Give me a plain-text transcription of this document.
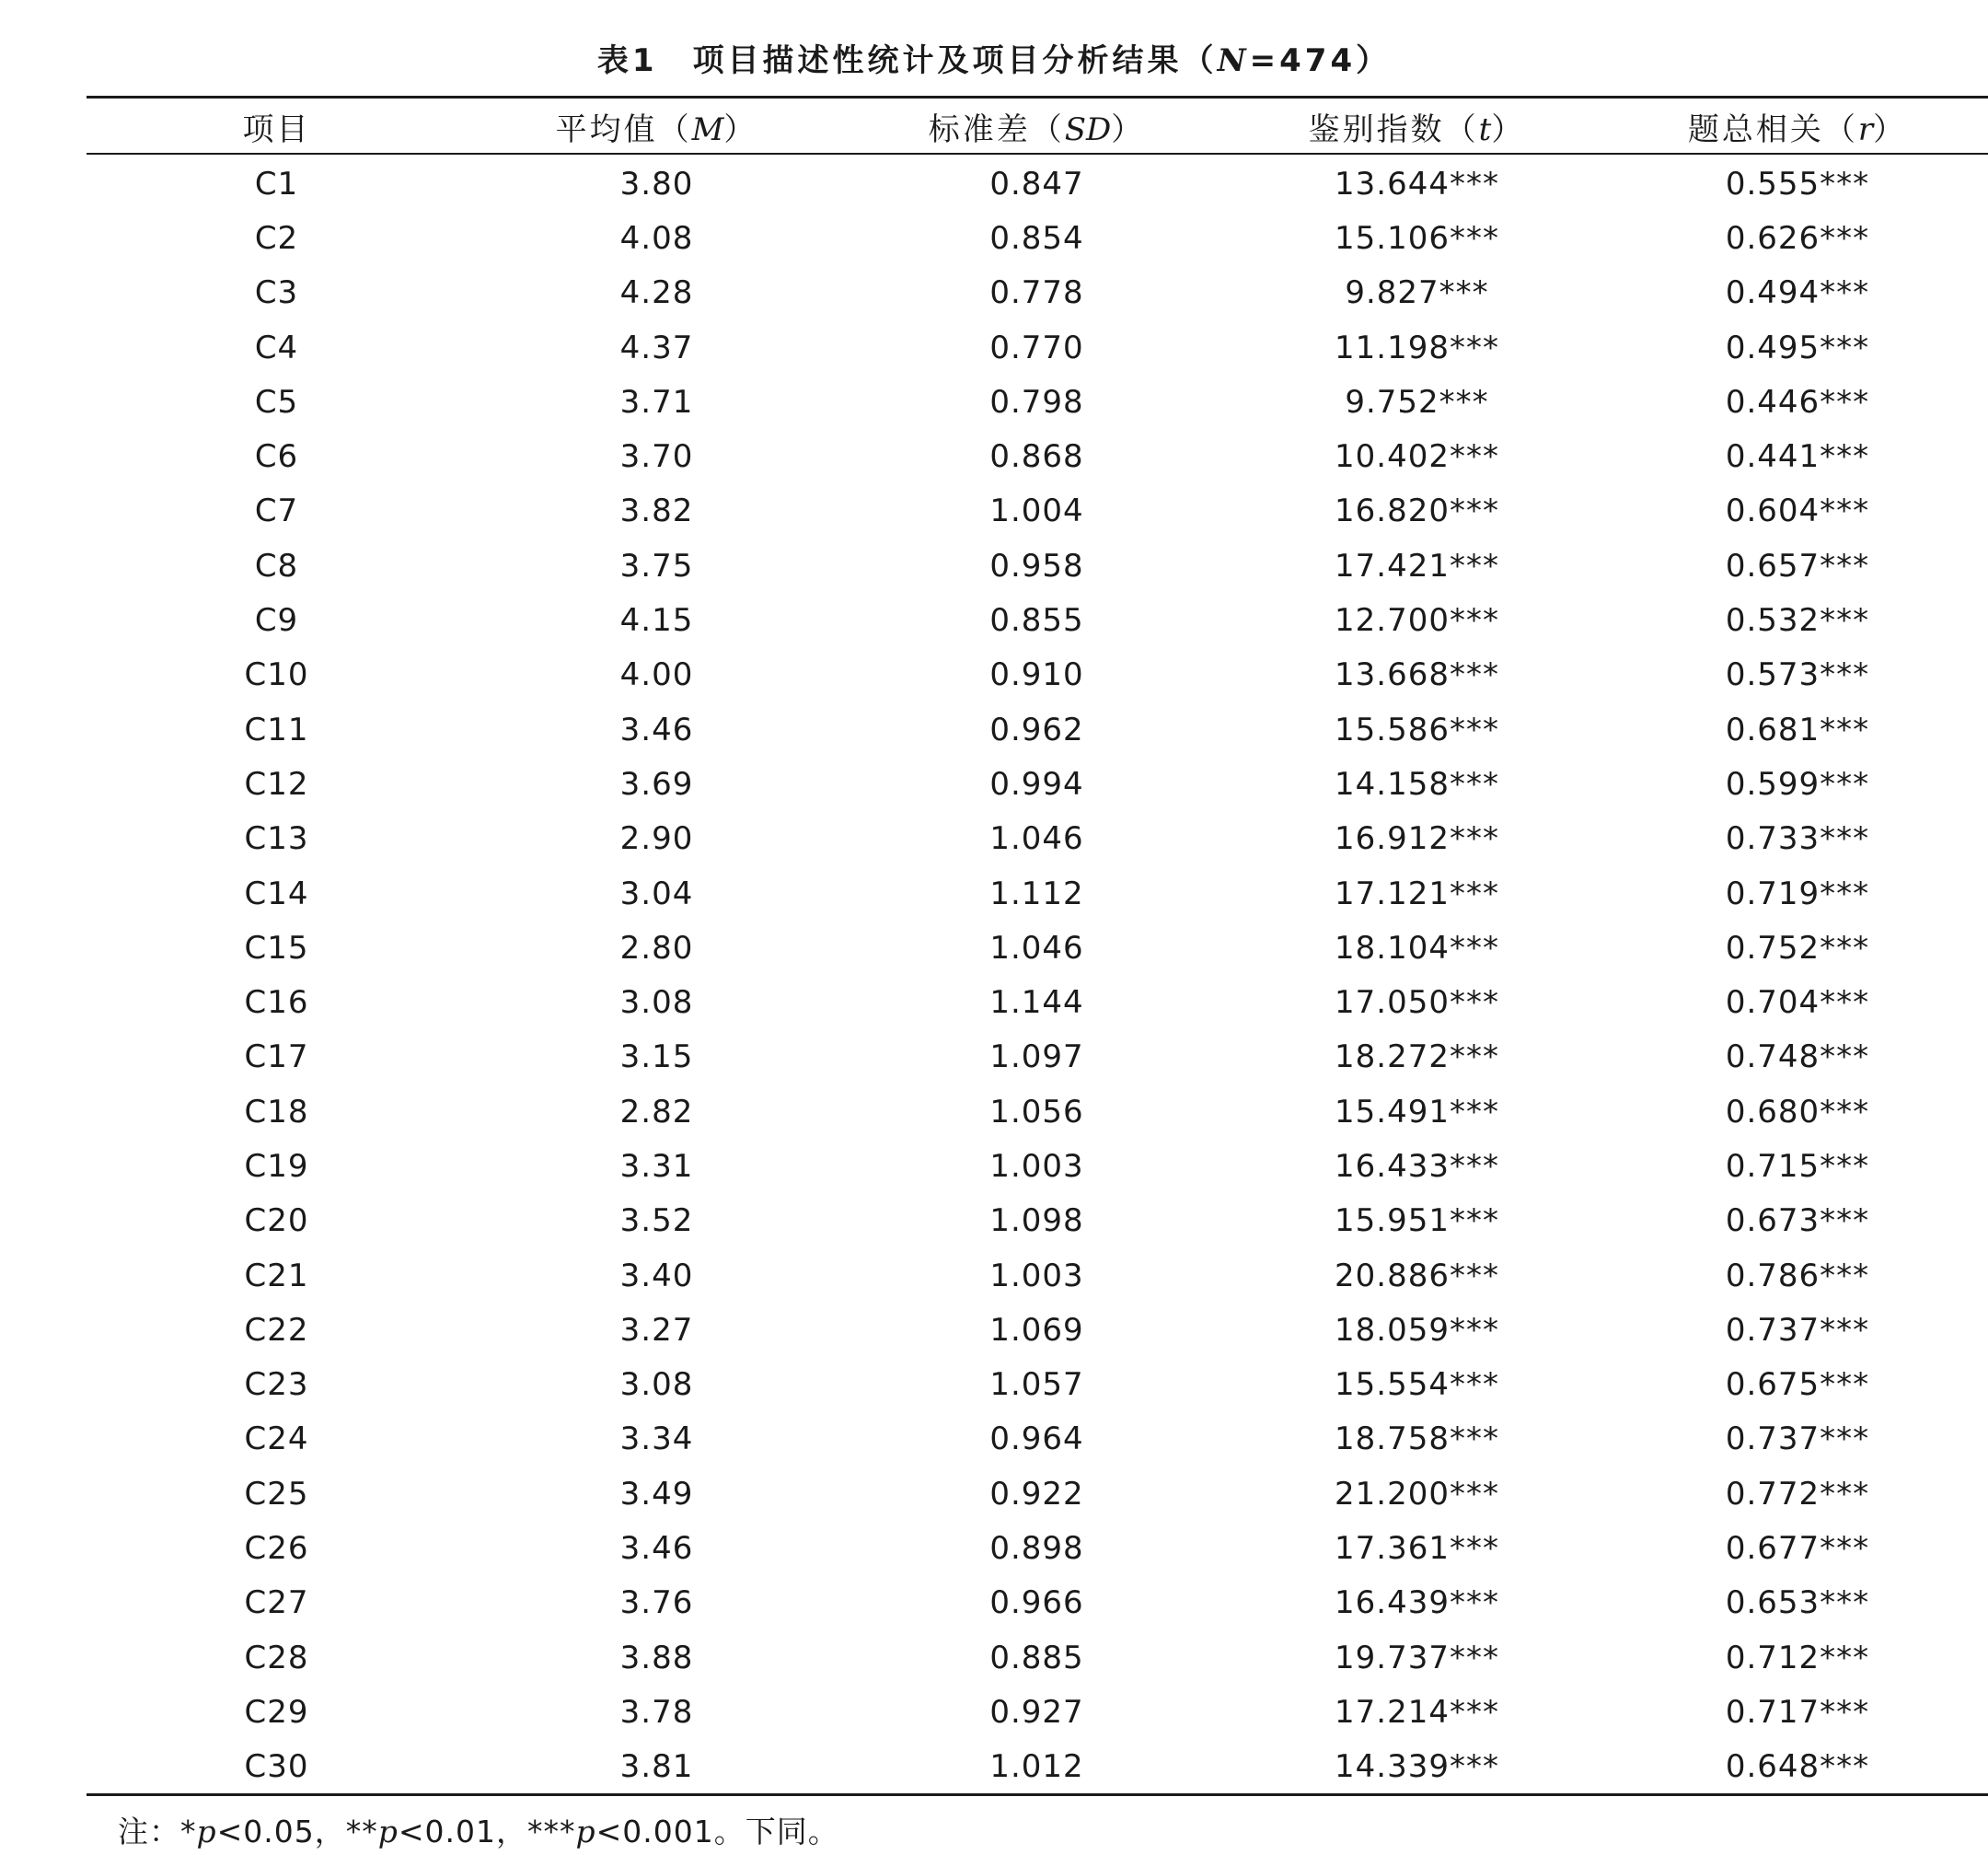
表1 项目描述性统计及项目分析结果（N=474）
项目	平均值（M）	标准差（SD）	鉴别指数（t）	题总相关（r）
C1	3.80	0.847	13.644***	0.555***
C2	4.08	0.854	15.106***	0.626***
C3	4.28	0.778	9.827***	0.494***
C4	4.37	0.770	11.198***	0.495***
C5	3.71	0.798	9.752***	0.446***
C6	3.70	0.868	10.402***	0.441***
C7	3.82	1.004	16.820***	0.604***
C8	3.75	0.958	17.421***	0.657***
C9	4.15	0.855	12.700***	0.532***
C10	4.00	0.910	13.668***	0.573***
C11	3.46	0.962	15.586***	0.681***
C12	3.69	0.994	14.158***	0.599***
C13	2.90	1.046	16.912***	0.733***
C14	3.04	1.112	17.121***	0.719***
C15	2.80	1.046	18.104***	0.752***
C16	3.08	1.144	17.050***	0.704***
C17	3.15	1.097	18.272***	0.748***
C18	2.82	1.056	15.491***	0.680***
C19	3.31	1.003	16.433***	0.715***
C20	3.52	1.098	15.951***	0.673***
C21	3.40	1.003	20.886***	0.786***
C22	3.27	1.069	18.059***	0.737***
C23	3.08	1.057	15.554***	0.675***
C24	3.34	0.964	18.758***	0.737***
C25	3.49	0.922	21.200***	0.772***
C26	3.46	0.898	17.361***	0.677***
C27	3.76	0.966	16.439***	0.653***
C28	3.88	0.885	19.737***	0.712***
C29	3.78	0.927	17.214***	0.717***
C30	3.81	1.012	14.339***	0.648***
注：*p<0.05，**p<0.01，***p<0.001。下同。
